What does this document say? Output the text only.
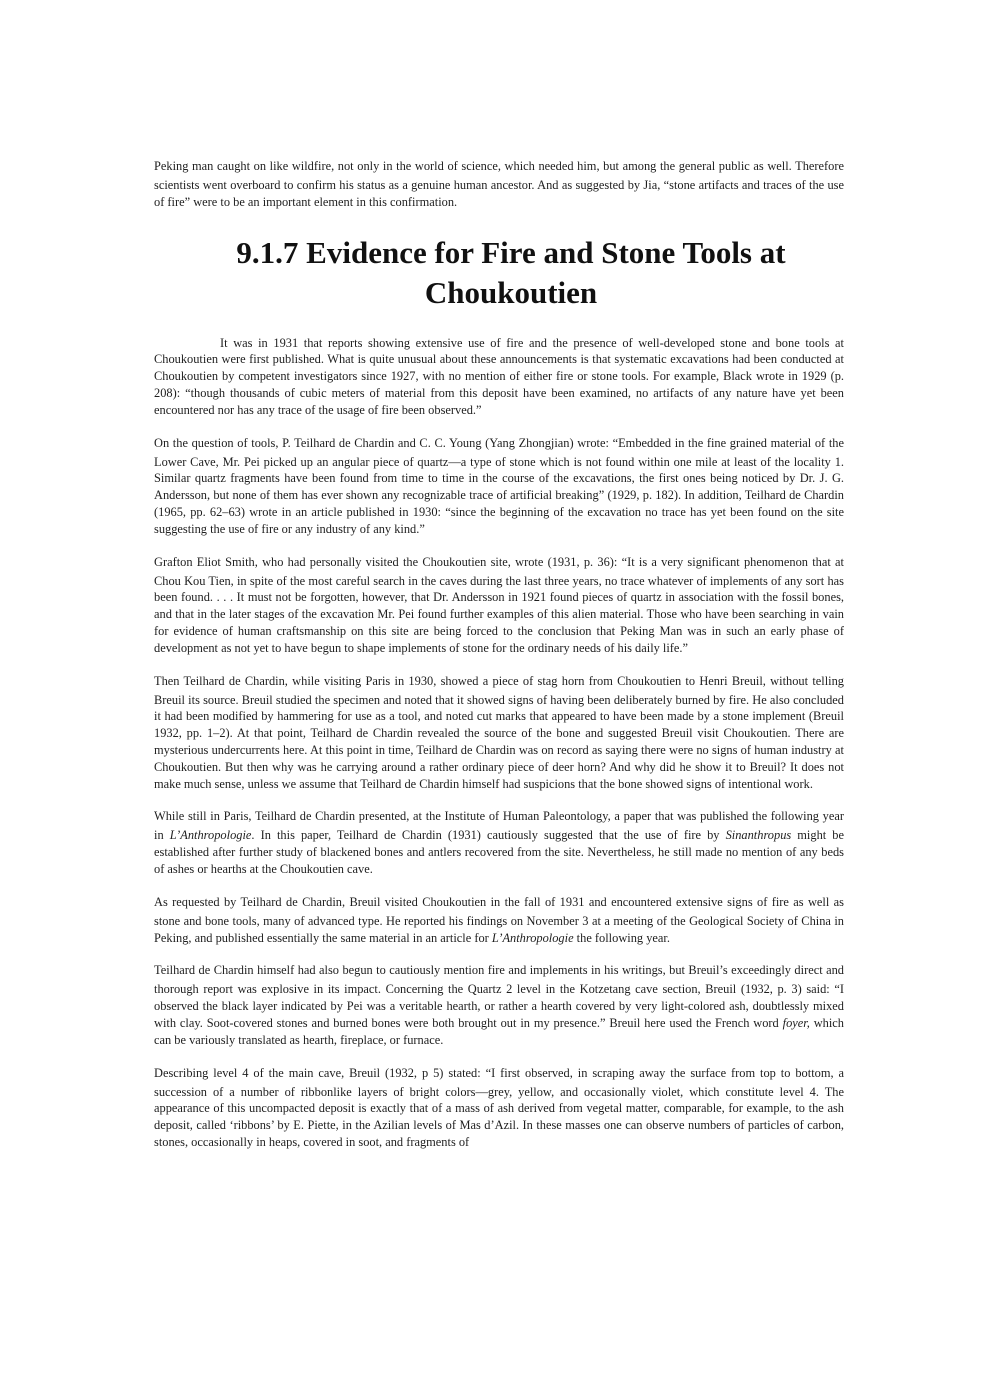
Peking man caught on like wildfire, not only in the world of science, which needed him, but among the general public as well. Therefore scientists went overboard to confirm his status as a genuine human ancestor. And as suggested by Jia, “stone artifacts and traces of the use of fire” were to be an important element in this confirmation.

9.1.7 Evidence for Fire and Stone Tools at Choukoutien

It was in 1931 that reports showing extensive use of fire and the presence of well-developed stone and bone tools at Choukoutien were first published. What is quite unusual about these announcements is that systematic excavations had been conducted at Choukoutien by competent investigators since 1927, with no mention of either fire or stone tools. For example, Black wrote in 1929 (p. 208): “though thousands of cubic meters of material from this deposit have been examined, no artifacts of any nature have yet been encountered nor has any trace of the usage of fire been observed.”

On the question of tools, P. Teilhard de Chardin and C. C. Young (Yang Zhongjian) wrote: “Embedded in the fine grained material of the Lower Cave, Mr. Pei picked up an angular piece of quartz—a type of stone which is not found within one mile at least of the locality 1. Similar quartz fragments have been found from time to time in the course of the excavations, the first ones being noticed by Dr. J. G. Andersson, but none of them has ever shown any recognizable trace of artificial breaking” (1929, p. 182). In addition, Teilhard de Chardin (1965, pp. 62–63) wrote in an article published in 1930: “since the beginning of the excavation no trace has yet been found on the site suggesting the use of fire or any industry of any kind.”

Grafton Eliot Smith, who had personally visited the Choukoutien site, wrote (1931, p. 36): “It is a very significant phenomenon that at Chou Kou Tien, in spite of the most careful search in the caves during the last three years, no trace whatever of implements of any sort has been found. . . . It must not be forgotten, however, that Dr. Andersson in 1921 found pieces of quartz in association with the fossil bones, and that in the later stages of the excavation Mr. Pei found further examples of this alien material. Those who have been searching in vain for evidence of human craftsmanship on this site are being forced to the conclusion that Peking Man was in such an early phase of development as not yet to have begun to shape implements of stone for the ordinary needs of his daily life.”

Then Teilhard de Chardin, while visiting Paris in 1930, showed a piece of stag horn from Choukoutien to Henri Breuil, without telling Breuil its source. Breuil studied the specimen and noted that it showed signs of having been deliberately burned by fire. He also concluded it had been modified by hammering for use as a tool, and noted cut marks that appeared to have been made by a stone implement (Breuil 1932, pp. 1–2). At that point, Teilhard de Chardin revealed the source of the bone and suggested Breuil visit Choukoutien. There are mysterious undercurrents here. At this point in time, Teilhard de Chardin was on record as saying there were no signs of human industry at Choukoutien. But then why was he carrying around a rather ordinary piece of deer horn? And why did he show it to Breuil? It does not make much sense, unless we assume that Teilhard de Chardin himself had suspicions that the bone showed signs of intentional work.

While still in Paris, Teilhard de Chardin presented, at the Institute of Human Paleontology, a paper that was published the following year in L’Anthropologie. In this paper, Teilhard de Chardin (1931) cautiously suggested that the use of fire by Sinanthropus might be established after further study of blackened bones and antlers recovered from the site. Nevertheless, he still made no mention of any beds of ashes or hearths at the Choukoutien cave.

As requested by Teilhard de Chardin, Breuil visited Choukoutien in the fall of 1931 and encountered extensive signs of fire as well as stone and bone tools, many of advanced type. He reported his findings on November 3 at a meeting of the Geological Society of China in Peking, and published essentially the same material in an article for L’Anthropologie the following year.

Teilhard de Chardin himself had also begun to cautiously mention fire and implements in his writings, but Breuil’s exceedingly direct and thorough report was explosive in its impact. Concerning the Quartz 2 level in the Kotzetang cave section, Breuil (1932, p. 3) said: “I observed the black layer indicated by Pei was a veritable hearth, or rather a hearth covered by very light-colored ash, doubtlessly mixed with clay. Soot-covered stones and burned bones were both brought out in my presence.” Breuil here used the French word foyer, which can be variously translated as hearth, fireplace, or furnace.

Describing level 4 of the main cave, Breuil (1932, p 5) stated: “I first observed, in scraping away the surface from top to bottom, a succession of a number of ribbonlike layers of bright colors—grey, yellow, and occasionally violet, which constitute level 4. The appearance of this uncompacted deposit is exactly that of a mass of ash derived from vegetal matter, comparable, for example, to the ash deposit, called ‘ribbons’ by E. Piette, in the Azilian levels of Mas d’Azil. In these masses one can observe numbers of particles of carbon, stones, occasionally in heaps, covered in soot, and fragments of
